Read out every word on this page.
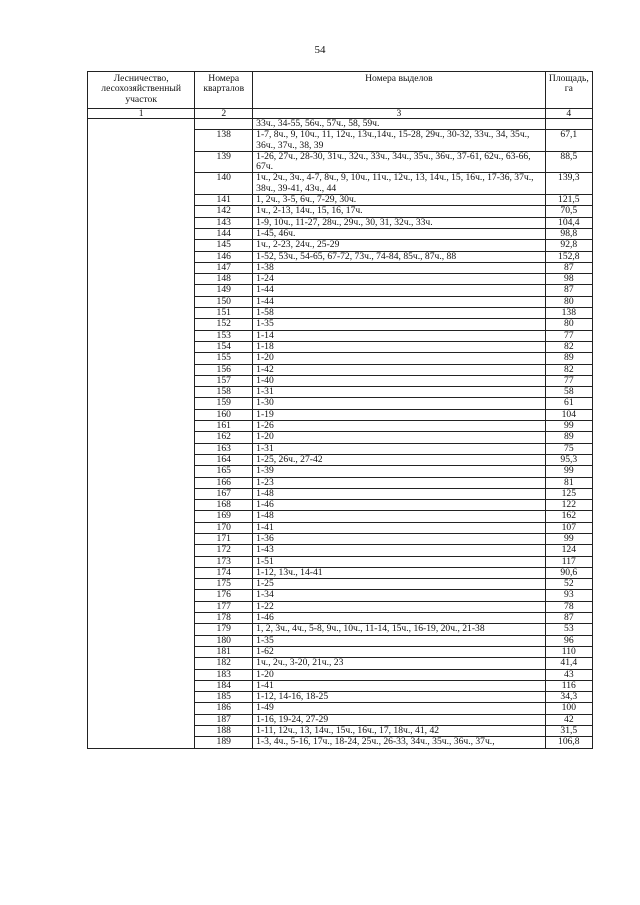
54
Лесничество, лесохозяйственный участок	Номера кварталов	Номера выделов	Площадь, га
1	2	3	4
		33ч., 34-55, 56ч., 57ч., 58, 59ч.	
	138	1-7, 8ч., 9, 10ч., 11, 12ч., 13ч.,14ч., 15-28, 29ч., 30-32, 33ч., 34, 35ч., 36ч., 37ч., 38, 39	67,1
	139	1-26, 27ч., 28-30, 31ч., 32ч., 33ч., 34ч., 35ч., 36ч., 37-61, 62ч., 63-66, 67ч.	88,5
	140	1ч., 2ч., 3ч., 4-7, 8ч., 9, 10ч., 11ч., 12ч., 13, 14ч., 15, 16ч., 17-36, 37ч., 38ч., 39-41, 43ч., 44	139,3
	141	1, 2ч., 3-5, 6ч., 7-29, 30ч.	121,5
	142	1ч., 2-13, 14ч., 15, 16, 17ч.	70,5
	143	1-9, 10ч., 11-27, 28ч., 29ч., 30, 31, 32ч., 33ч.	104,4
	144	1-45, 46ч.	98,8
	145	1ч., 2-23, 24ч., 25-29	92,8
	146	1-52, 53ч., 54-65, 67-72, 73ч., 74-84, 85ч., 87ч., 88	152,8
	147	1-38	87
	148	1-24	98
	149	1-44	87
	150	1-44	80
	151	1-58	138
	152	1-35	80
	153	1-14	77
	154	1-18	82
	155	1-20	89
	156	1-42	82
	157	1-40	77
	158	1-31	58
	159	1-30	61
	160	1-19	104
	161	1-26	99
	162	1-20	89
	163	1-31	75
	164	1-25, 26ч., 27-42	95,3
	165	1-39	99
	166	1-23	81
	167	1-48	125
	168	1-46	122
	169	1-48	162
	170	1-41	107
	171	1-36	99
	172	1-43	124
	173	1-51	117
	174	1-12, 13ч., 14-41	90,6
	175	1-25	52
	176	1-34	93
	177	1-22	78
	178	1-46	87
	179	1, 2, 3ч., 4ч., 5-8, 9ч., 10ч., 11-14, 15ч., 16-19, 20ч., 21-38	53
	180	1-35	96
	181	1-62	110
	182	1ч., 2ч., 3-20, 21ч., 23	41,4
	183	1-20	43
	184	1-41	116
	185	1-12, 14-16, 18-25	34,3
	186	1-49	100
	187	1-16, 19-24, 27-29	42
	188	1-11, 12ч., 13, 14ч., 15ч., 16ч., 17, 18ч., 41, 42	31,5
	189	1-3, 4ч., 5-16, 17ч., 18-24, 25ч., 26-33, 34ч., 35ч., 36ч., 37ч.,	106,8
